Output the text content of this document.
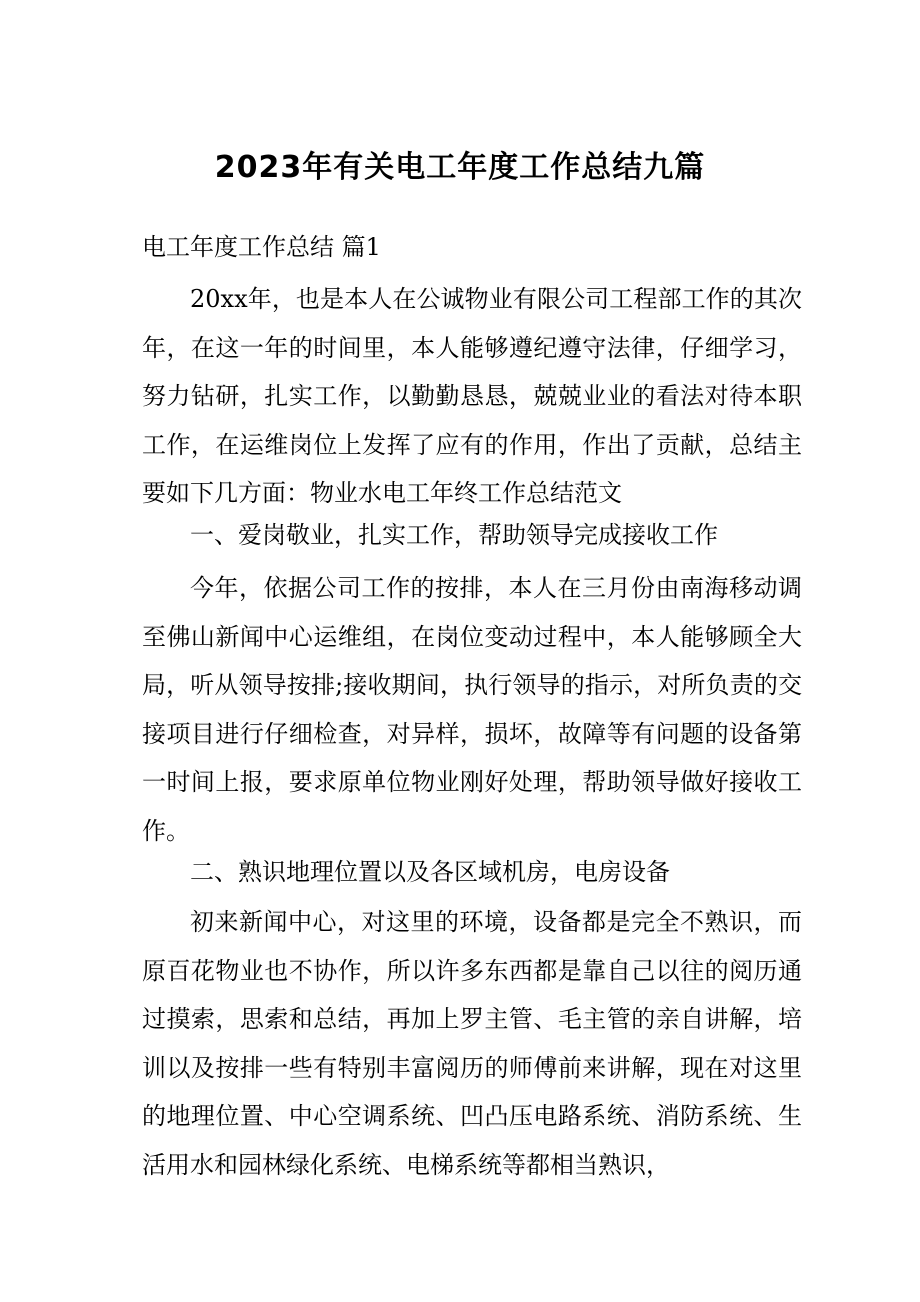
2023年有关电工年度工作总结九篇

电工年度工作总结 篇1

20xx年，也是本人在公诚物业有限公司工程部工作的其次年，在这一年的时间里，本人能够遵纪遵守法律，仔细学习，努力钻研，扎实工作，以勤勤恳恳，兢兢业业的看法对待本职工作，在运维岗位上发挥了应有的作用，作出了贡献，总结主要如下几方面：物业水电工年终工作总结范文

一、爱岗敬业，扎实工作，帮助领导完成接收工作

今年，依据公司工作的按排，本人在三月份由南海移动调至佛山新闻中心运维组，在岗位变动过程中，本人能够顾全大局，听从领导按排;接收期间，执行领导的指示，对所负责的交接项目进行仔细检查，对异样，损坏，故障等有问题的设备第一时间上报，要求原单位物业刚好处理，帮助领导做好接收工作。

二、熟识地理位置以及各区域机房，电房设备

初来新闻中心，对这里的环境，设备都是完全不熟识，而原百花物业也不协作，所以许多东西都是靠自己以往的阅历通过摸索，思索和总结，再加上罗主管、毛主管的亲自讲解，培训以及按排一些有特别丰富阅历的师傅前来讲解，现在对这里的地理位置、中心空调系统、凹凸压电路系统、消防系统、生活用水和园林绿化系统、电梯系统等都相当熟识，
